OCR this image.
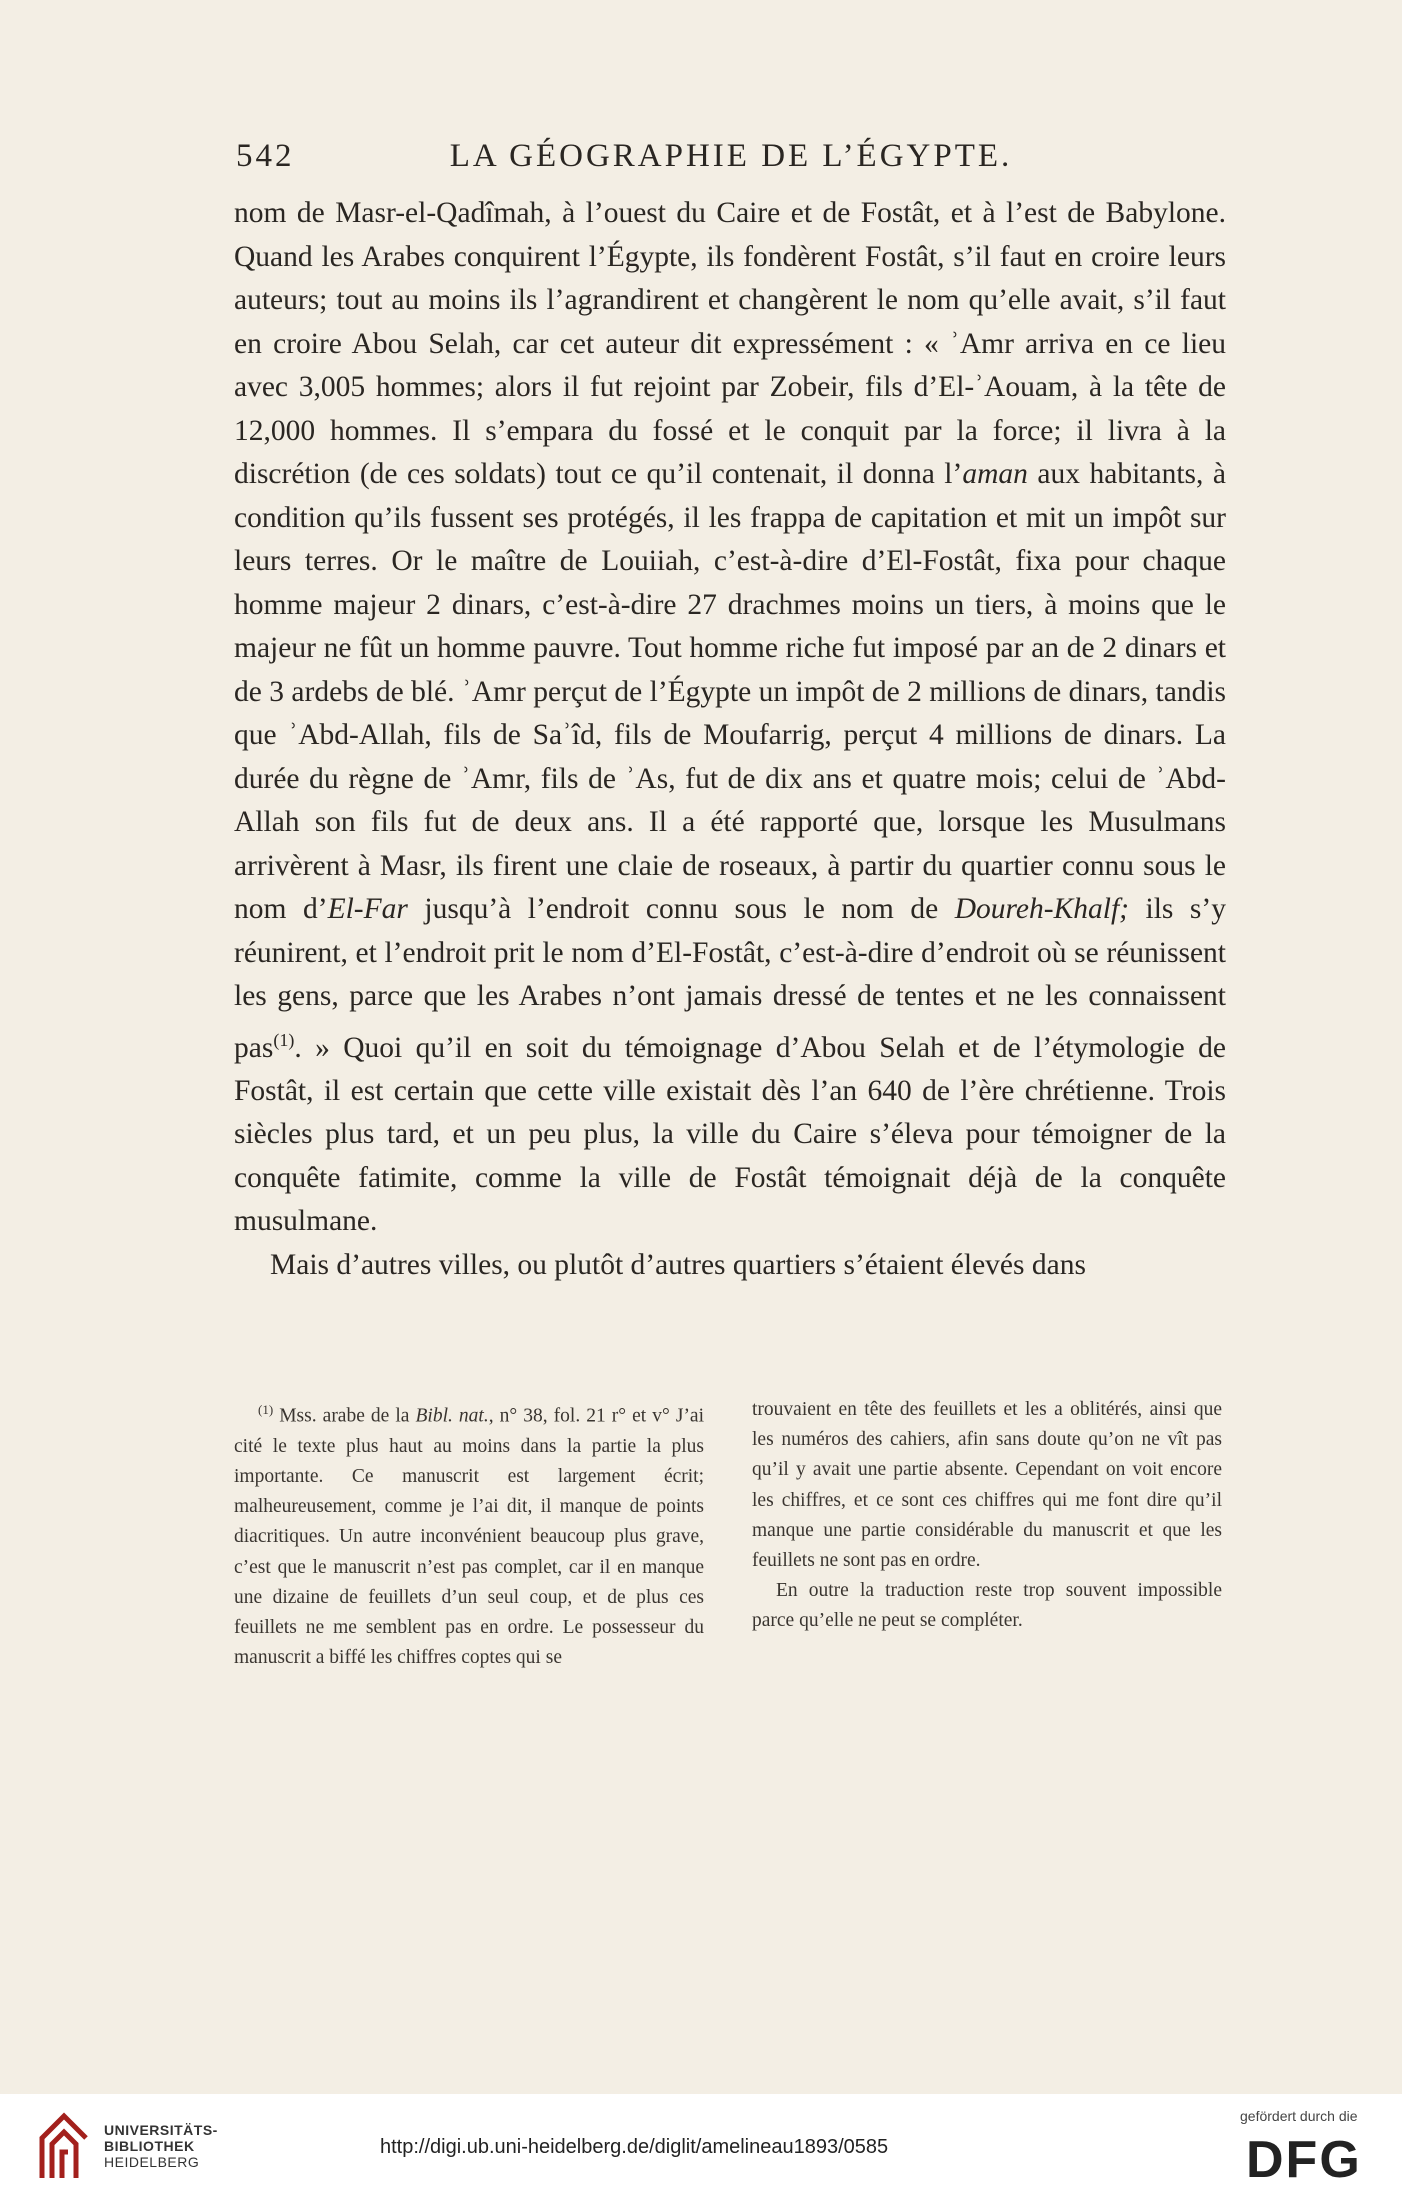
542	LA GÉOGRAPHIE DE L’ÉGYPTE.

nom de Masr-el-Qadîmah, à l’ouest du Caire et de Fostât, et à l’est de Babylone. Quand les Arabes conquirent l’Égypte, ils fondèrent Fostât, s’il faut en croire leurs auteurs; tout au moins ils l’agrandirent et changèrent le nom qu’elle avait, s’il faut en croire Abou Selah, car cet auteur dit expressément : « ʾAmr arriva en ce lieu avec 3,005 hommes; alors il fut rejoint par Zobeir, fils d’El-ʾAouam, à la tête de 12,000 hommes. Il s’empara du fossé et le conquit par la force; il livra à la discrétion (de ces soldats) tout ce qu’il contenait, il donna l’aman aux habitants, à condition qu’ils fussent ses protégés, il les frappa de capitation et mit un impôt sur leurs terres. Or le maître de Louiiah, c’est-à-dire d’El-Fostât, fixa pour chaque homme majeur 2 dinars, c’est-à-dire 27 drachmes moins un tiers, à moins que le majeur ne fût un homme pauvre. Tout homme riche fut imposé par an de 2 dinars et de 3 ardebs de blé. ʾAmr perçut de l’Égypte un impôt de 2 millions de dinars, tandis que ʾAbd-Allah, fils de Saʾîd, fils de Moufarrig, perçut 4 millions de dinars. La durée du règne de ʾAmr, fils de ʾAs, fut de dix ans et quatre mois; celui de ʾAbd-Allah son fils fut de deux ans. Il a été rapporté que, lorsque les Musulmans arrivèrent à Masr, ils firent une claie de roseaux, à partir du quartier connu sous le nom d’El-Far jusqu’à l’endroit connu sous le nom de Doureh-Khalf; ils s’y réunirent, et l’endroit prit le nom d’El-Fostât, c’est-à-dire d’endroit où se réunissent les gens, parce que les Arabes n’ont jamais dressé de tentes et ne les connaissent pas$^{(1)}$. » Quoi qu’il en soit du témoignage d’Abou Selah et de l’étymologie de Fostât, il est certain que cette ville existait dès l’an 640 de l’ère chrétienne. Trois siècles plus tard, et un peu plus, la ville du Caire s’éleva pour témoigner de la conquête fatimite, comme la ville de Fostât témoignait déjà de la conquête musulmane.

Mais d’autres villes, ou plutôt d’autres quartiers s’étaient élevés dans

$^{(1)}$ Mss. arabe de la Bibl. nat., n° 38, fol. 21 r° et v° J’ai cité le texte plus haut au moins dans la partie la plus importante. Ce manuscrit est largement écrit; malheureusement, comme je l’ai dit, il manque de points diacritiques. Un autre inconvénient beaucoup plus grave, c’est que le manuscrit n’est pas complet, car il en manque une dizaine de feuillets d’un seul coup, et de plus ces feuillets ne me semblent pas en ordre. Le possesseur du manuscrit a biffé les chiffres coptes qui se

trouvaient en tête des feuillets et les a oblitérés, ainsi que les numéros des cahiers, afin sans doute qu’on ne vît pas qu’il y avait une partie absente. Cependant on voit encore les chiffres, et ce sont ces chiffres qui me font dire qu’il manque une partie considérable du manuscrit et que les feuillets ne sont pas en ordre.

En outre la traduction reste trop souvent impossible parce qu’elle ne peut se compléter.

UNIVERSITÄTS-
BIBLIOTHEK
HEIDELBERG
http://digi.ub.uni-heidelberg.de/diglit/amelineau1893/0585
gefördert durch die
DFG
